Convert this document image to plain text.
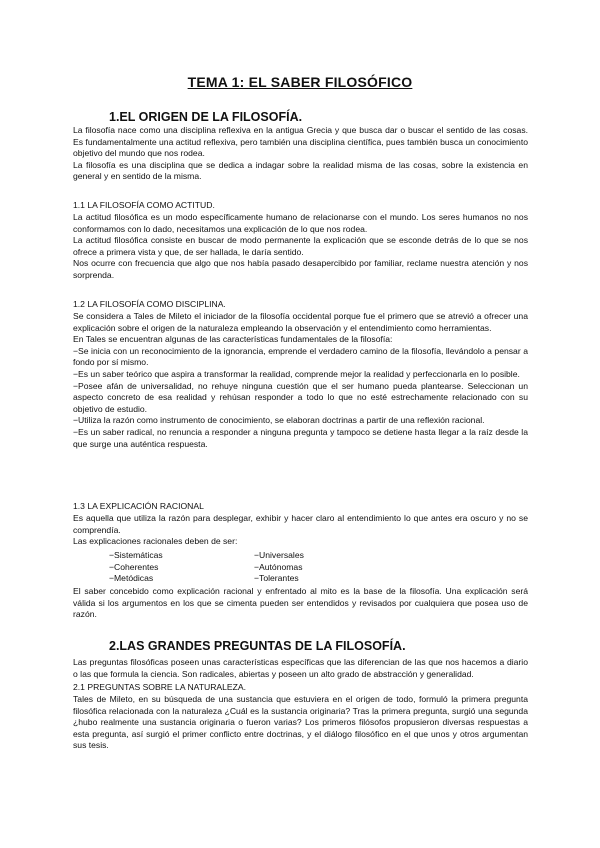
TEMA 1: EL SABER FILOSÓFICO
1.EL ORIGEN DE LA FILOSOFÍA.

La filosofía nace como una disciplina reflexiva en la antigua Grecia y que busca dar o buscar el sentido de las cosas. Es fundamentalmente una actitud reflexiva, pero también una disciplina científica, pues también busca un conocimiento objetivo del mundo que nos rodea.

La filosofía es una disciplina que se dedica a indagar sobre la realidad misma de las cosas, sobre la existencia en general y en sentido de la misma.

1.1 LA FILOSOFÍA COMO ACTITUD.

La actitud filosófica es un modo específicamente humano de relacionarse con el mundo. Los seres humanos no nos conformamos con lo dado, necesitamos una explicación de lo que nos rodea.

La actitud filosófica consiste en buscar de modo permanente la explicación que se esconde detrás de lo que se nos ofrece a primera vista y que, de ser hallada, le daría sentido.

Nos ocurre con frecuencia que algo que nos había pasado desapercibido por familiar, reclame nuestra atención y nos sorprenda.

1.2 LA FILOSOFÍA COMO DISCIPLINA.

Se considera a Tales de Mileto el iniciador de la filosofía occidental porque fue el primero que se atrevió a ofrecer una explicación sobre el origen de la naturaleza empleando la observación y el entendimiento como herramientas.

En Tales se encuentran algunas de las características fundamentales de la filosofía:

−Se inicia con un reconocimiento de la ignorancia, emprende el verdadero camino de la filosofía, llevándolo a pensar a fondo por sí mismo.

−Es un saber teórico que aspira a transformar la realidad, comprende mejor la realidad y perfeccionarla en lo posible.

−Posee afán de universalidad, no rehuye ninguna cuestión que el ser humano pueda plantearse. Seleccionan un aspecto concreto de esa realidad y rehúsan responder a todo lo que no esté estrechamente relacionado con su objetivo de estudio.

−Utiliza la razón como instrumento de conocimiento, se elaboran doctrinas a partir de una reflexión racional.

−Es un saber radical, no renuncia a responder a ninguna pregunta y tampoco se detiene hasta llegar a la raíz desde la que surge una auténtica respuesta.

1.3 LA EXPLICACIÓN RACIONAL

Es aquella que utiliza la razón para desplegar, exhibir y hacer claro al entendimiento lo que antes era oscuro y no se comprendía.

Las explicaciones racionales deben de ser:

−Sistemáticas	−Universales
−Coherentes	−Autónomas
−Metódicas	−Tolerantes

El saber concebido como explicación racional y enfrentado al mito es la base de la filosofía. Una explicación será válida si los argumentos en los que se cimenta pueden ser entendidos y revisados por cualquiera que posea uso de razón.

2.LAS GRANDES PREGUNTAS DE LA FILOSOFÍA.

Las preguntas filosóficas poseen unas características específicas que las diferencian de las que nos hacemos a diario o las que formula la ciencia. Son radicales, abiertas y poseen un alto grado de abstracción y generalidad.

2.1 PREGUNTAS SOBRE LA NATURALEZA.

Tales de Mileto, en su búsqueda de una sustancia que estuviera en el origen de todo, formuló la primera pregunta filosófica relacionada con la naturaleza ¿Cuál es la sustancia originaria? Tras la primera pregunta, surgió una segunda ¿hubo realmente una sustancia originaria o fueron varias? Los primeros filósofos propusieron diversas respuestas a esta pregunta, así surgió el primer conflicto entre doctrinas, y el diálogo filosófico en el que unos y otros argumentan sus tesis.
